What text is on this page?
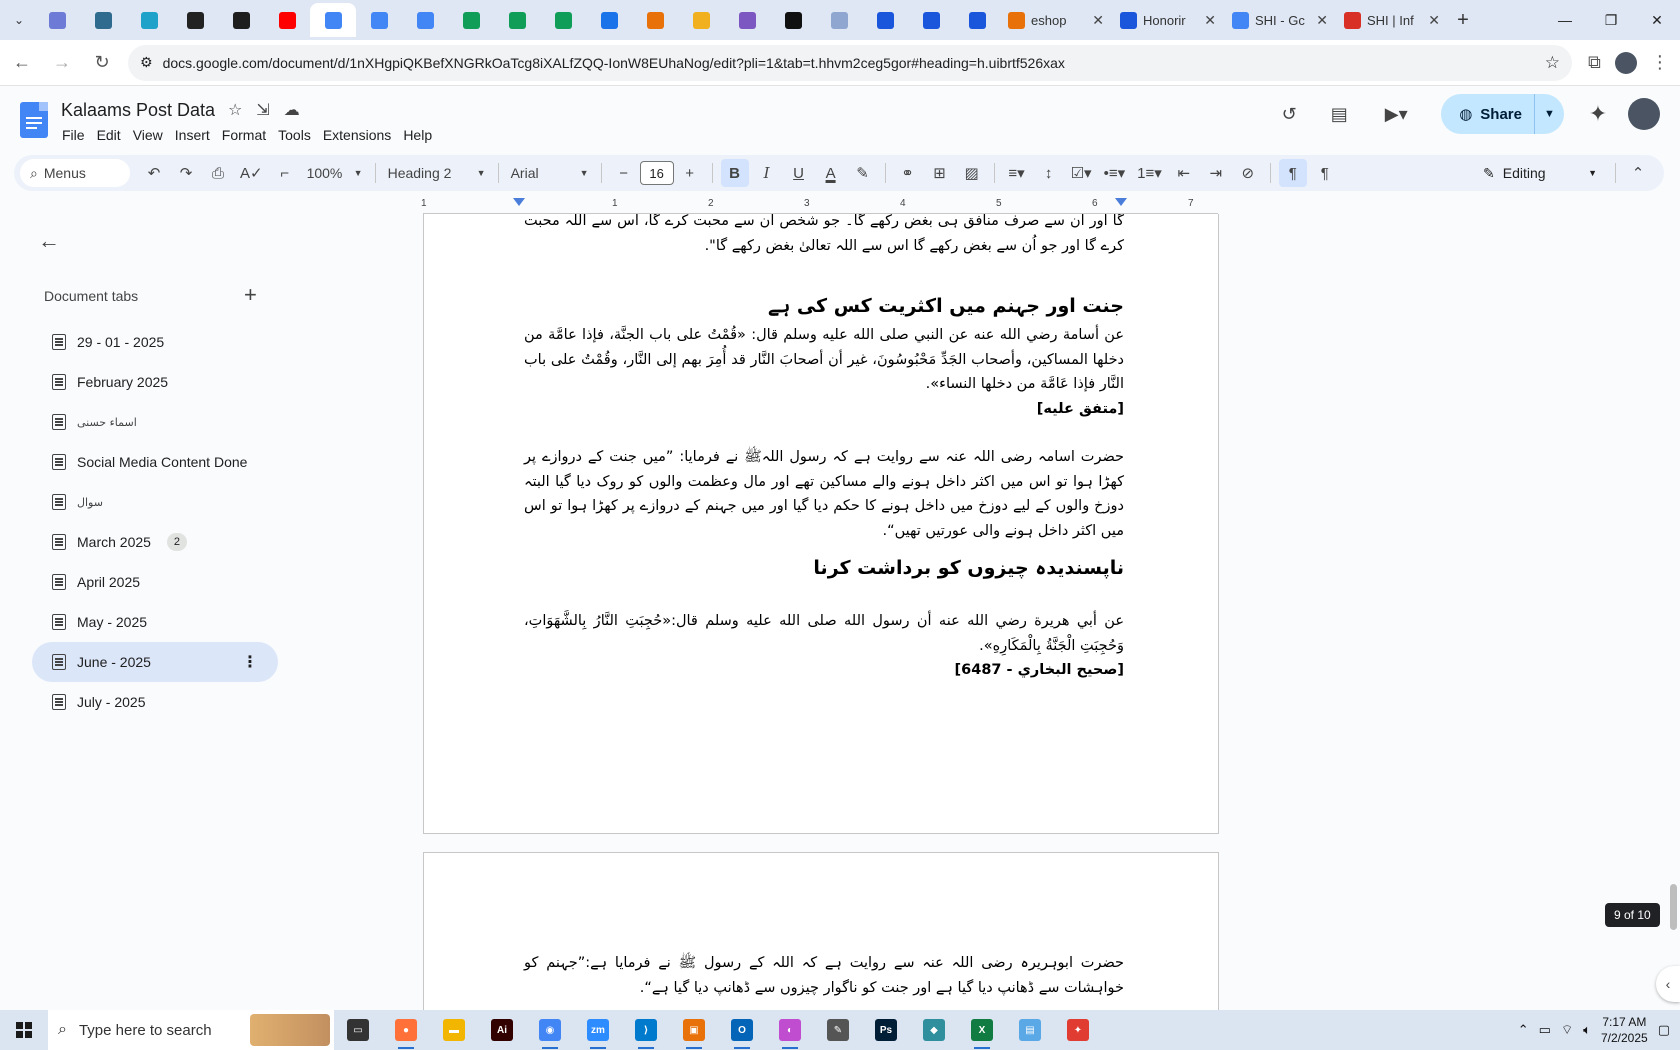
⌄	eshop	✕	Honorir	✕	SHI - Gc ✕	SHI | Inf	✕ +	—	❐	✕
←	→	↻	⚙ docs.google.com/document/d/1nXHgpiQKBefXNGRkOaTcg8iXALfZQQ-IonW8EUhaNog/edit?pli=1&tab=t.hhvm2ceg5gor#heading=h.uibrtf526xax	☆ ⧉	⋮
Kalaams Post Data ☆ ⇲ ☁
File Edit View Insert Format Tools Extensions Help
↺	▤	▶▾	◍ Share	▼	✦
⌕ Menus	↶	↷	⎙	A✓	⌐	100% ▼ Heading 2	▼ Arial	▼	−	16	+	B	I	U	A	✎	⚭	⊞	▨	≡▾	↕	☑▾ •≡▾ 1≡▾	⇤	⇥	⊘	¶	¶	✎ Editing	▼	⌃
1	1	2	3	4	5	6	7
گا اور ان سے صرف منافق ہی بغض رکھے گا۔ جو شخص ان سے محبت کرے گا، اس سے اللہ محبت کرے گا اور جو اُن سے بغض رکھے گا اس سے اللہ تعالیٰ بغض رکھے گا".
جنت اور جہنم میں اکثریت کس کی ہے
عن أسامة رضي الله عنه عن النبي صلى الله عليه وسلم قال: «قُمْتُ على باب الجنَّة، فإذا عامَّة من دخلها المساكين، وأصحاب الجَدِّ مَحْبُوسُونَ، غير أن أصحابَ النَّار قد أُمِرَ بهم إلى النَّار، وقُمْتُ على باب النَّار فإذا عَامَّة من دخلها النساء».
[متفق عليه]
حضرت اسامہ رضی اللہ عنہ سے روایت ہے کہ رسول اللہﷺ نے فرمایا: ”میں جنت کے دروازے پر کھڑا ہوا تو اس میں اکثر داخل ہونے والے مساکین تھے اور مال وعظمت والوں کو روک دیا گیا البتہ دوزخ والوں کے لیے دوزخ میں داخل ہونے کا حکم دیا گیا اور میں جہنم کے دروازے پر کھڑا ہوا تو اس میں اکثر داخل ہونے والی عورتیں تھیں“.
ناپسندیدہ چیزوں کو برداشت کرنا
عن أبي هريرة رضي الله عنه أن رسول الله صلى الله عليه وسلم قال:«حُجِبَتِ النَّارُ بِالشَّهَوَاتِ، وَحُجِبَتِ الْجَنَّةُ بِالْمَكَارِهِ».
[صحيح البخاري - 6487]
حضرت ابوہریرہ رضی اللہ عنہ سے روایت ہے کہ اللہ کے رسول ﷺ نے فرمایا ہے:”جہنم کو خواہشات سے ڈھانپ دیا گیا ہے اور جنت کو ناگوار چیزوں سے ڈھانپ دیا گیا ہے“.
←
Document tabs	+
29 - 01 - 2025
February 2025
اسماء حسنی
Social Media Content Done
سوال
March 2025	2
April 2025
May - 2025
June - 2025	⋮
July - 2025
9 of 10
‹
⌕ Type here to search	▭	●	▬	Ai	◉	zm	⟩	▣	O	◐	✎	Ps	◆	X	▤	✦	⌃ ▭ ⌔ 🔈︎ 7:17 AM
7/2/2025
▢
